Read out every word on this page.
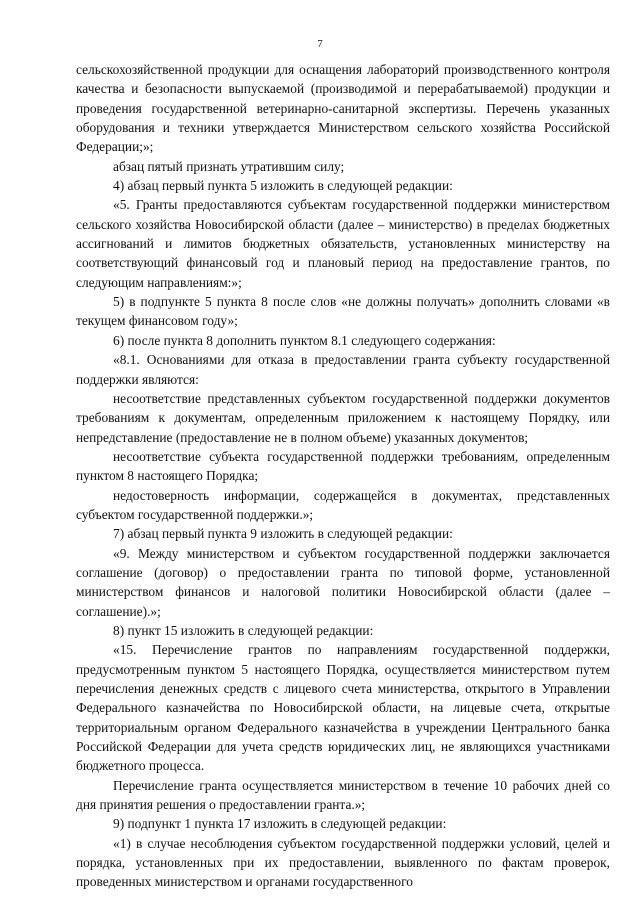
7

сельскохозяйственной продукции для оснащения лабораторий производственного контроля качества и безопасности выпускаемой (производимой и перерабатываемой) продукции и проведения государственной ветеринарно-санитарной экспертизы. Перечень указанных оборудования и техники утверждается Министерством сельского хозяйства Российской Федерации;»;

абзац пятый признать утратившим силу;

4) абзац первый пункта 5 изложить в следующей редакции:

«5. Гранты предоставляются субъектам государственной поддержки министерством сельского хозяйства Новосибирской области (далее – министерство) в пределах бюджетных ассигнований и лимитов бюджетных обязательств, установленных министерству на соответствующий финансовый год и плановый период на предоставление грантов, по следующим направлениям:»;

5) в подпункте 5 пункта 8 после слов «не должны получать» дополнить словами «в текущем финансовом году»;

6) после пункта 8 дополнить пунктом 8.1 следующего содержания:

«8.1. Основаниями для отказа в предоставлении гранта субъекту государственной поддержки являются:

несоответствие представленных субъектом государственной поддержки документов требованиям к документам, определенным приложением к настоящему Порядку, или непредставление (предоставление не в полном объеме) указанных документов;

несоответствие субъекта государственной поддержки требованиям, определенным пунктом 8 настоящего Порядка;

недостоверность информации, содержащейся в документах, представленных субъектом государственной поддержки.»;

7) абзац первый пункта 9 изложить в следующей редакции:

«9. Между министерством и субъектом государственной поддержки заключается соглашение (договор) о предоставлении гранта по типовой форме, установленной министерством финансов и налоговой политики Новосибирской области (далее – соглашение).»;

8) пункт 15 изложить в следующей редакции:

«15. Перечисление грантов по направлениям государственной поддержки, предусмотренным пунктом 5 настоящего Порядка, осуществляется министерством путем перечисления денежных средств с лицевого счета министерства, открытого в Управлении Федерального казначейства по Новосибирской области, на лицевые счета, открытые территориальным органом Федерального казначейства в учреждении Центрального банка Российской Федерации для учета средств юридических лиц, не являющихся участниками бюджетного процесса.

Перечисление гранта осуществляется министерством в течение 10 рабочих дней со дня принятия решения о предоставлении гранта.»;

9) подпункт 1 пункта 17 изложить в следующей редакции:

«1) в случае несоблюдения субъектом государственной поддержки условий, целей и порядка, установленных при их предоставлении, выявленного по фактам проверок, проведенных министерством и органами государственного
